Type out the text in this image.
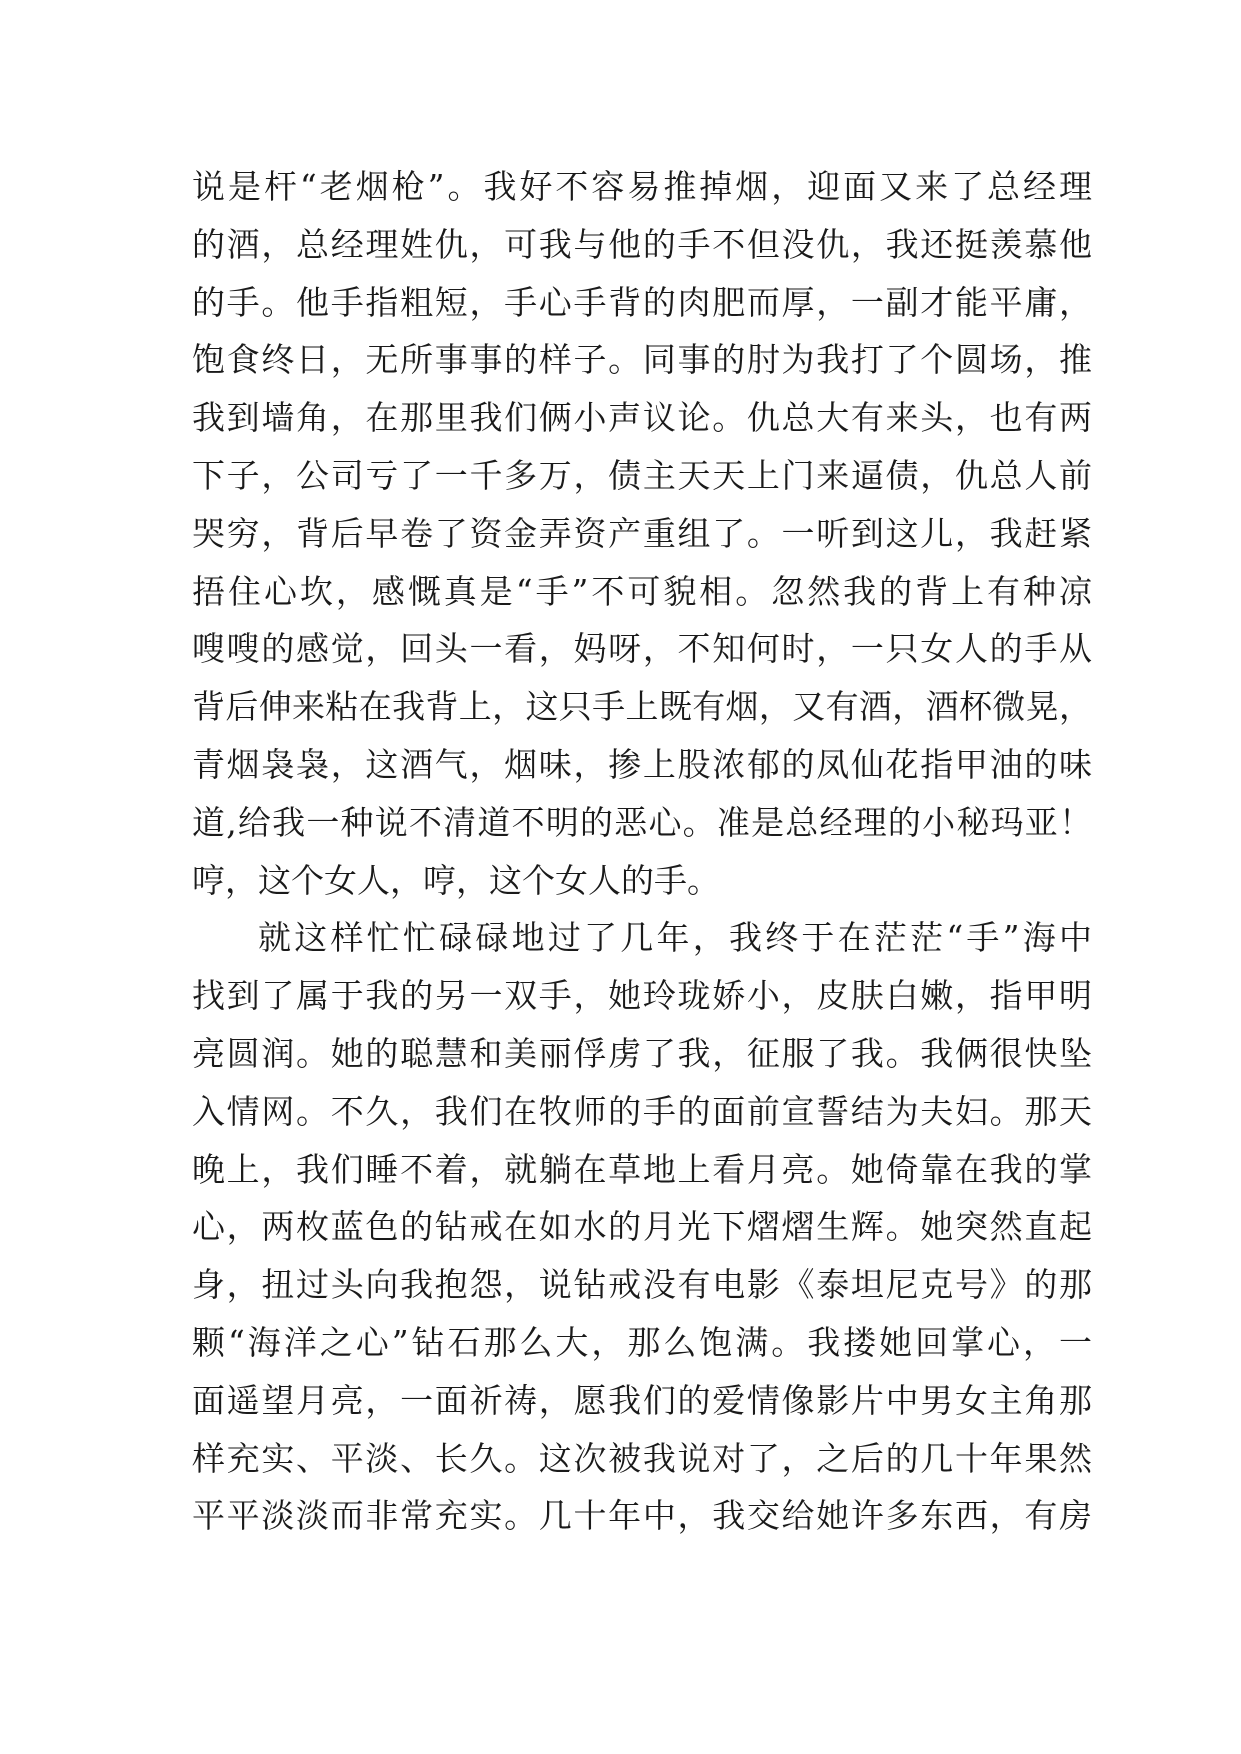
说是杆“老烟枪”。我好不容易推掉烟，迎面又来了总经理
的酒，总经理姓仇，可我与他的手不但没仇，我还挺羡慕他
的手。他手指粗短，手心手背的肉肥而厚，一副才能平庸，
饱食终日，无所事事的样子。同事的肘为我打了个圆场，推
我到墙角，在那里我们俩小声议论。仇总大有来头，也有两
下子，公司亏了一千多万，债主天天上门来逼债，仇总人前
哭穷，背后早卷了资金弄资产重组了。一听到这儿，我赶紧
捂住心坎，感慨真是“手”不可貌相。忽然我的背上有种凉
嗖嗖的感觉，回头一看，妈呀，不知何时，一只女人的手从
背后伸来粘在我背上，这只手上既有烟，又有酒，酒杯微晃，
青烟袅袅，这酒气，烟味，掺上股浓郁的凤仙花指甲油的味
道,给我一种说不清道不明的恶心。准是总经理的小秘玛亚！
哼，这个女人，哼，这个女人的手。
就这样忙忙碌碌地过了几年，我终于在茫茫“手”海中
找到了属于我的另一双手，她玲珑娇小，皮肤白嫩，指甲明
亮圆润。她的聪慧和美丽俘虏了我，征服了我。我俩很快坠
入情网。不久，我们在牧师的手的面前宣誓结为夫妇。那天
晚上，我们睡不着，就躺在草地上看月亮。她倚靠在我的掌
心，两枚蓝色的钻戒在如水的月光下熠熠生辉。她突然直起
身，扭过头向我抱怨，说钻戒没有电影《泰坦尼克号》的那
颗“海洋之心”钻石那么大，那么饱满。我搂她回掌心，一
面遥望月亮，一面祈祷，愿我们的爱情像影片中男女主角那
样充实、平淡、长久。这次被我说对了，之后的几十年果然
平平淡淡而非常充实。几十年中，我交给她许多东西，有房
